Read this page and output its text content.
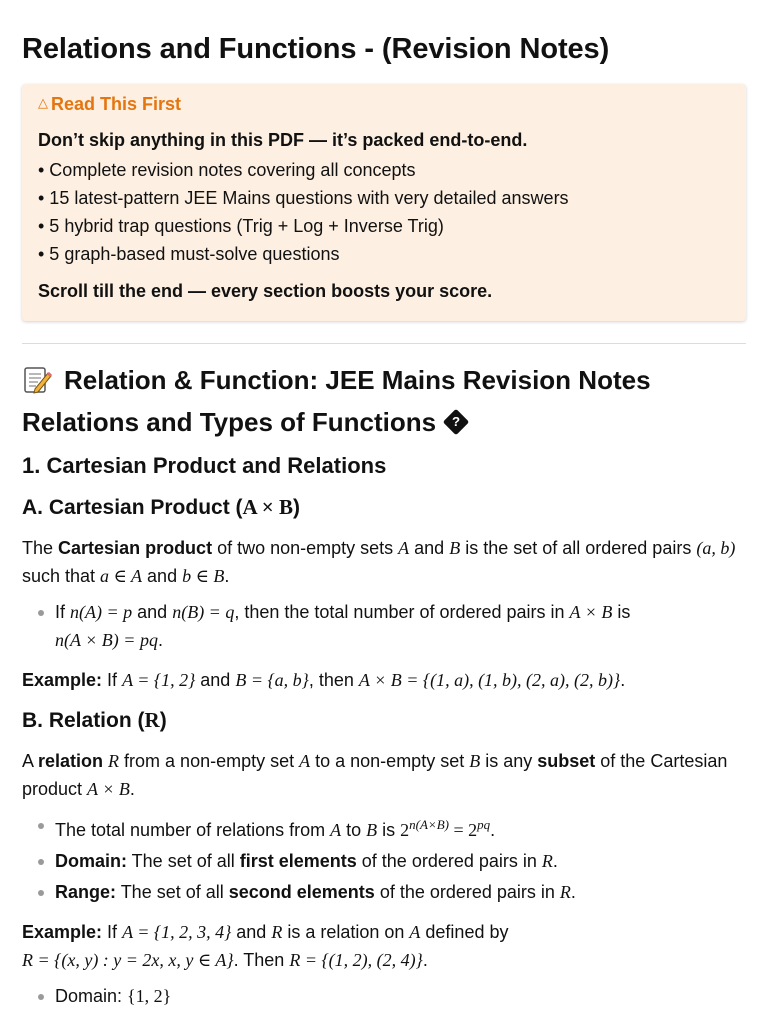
Relations and Functions - (Revision Notes)
△ Read This First
Don’t skip anything in this PDF — it’s packed end-to-end.
• Complete revision notes covering all concepts
• 15 latest-pattern JEE Mains questions with very detailed answers
• 5 hybrid trap questions (Trig + Log + Inverse Trig)
• 5 graph-based must-solve questions
Scroll till the end — every section boosts your score.
Relation & Function: JEE Mains Revision Notes
Relations and Types of Functions ?
1. Cartesian Product and Relations
A. Cartesian Product (A × B)

The Cartesian product of two non-empty sets A and B is the set of all ordered pairs (a, b) such that a ∈ A and b ∈ B.

If n(A) = p and n(B) = q, then the total number of ordered pairs in A × B is
n(A × B) = pq.

Example: If A = {1, 2} and B = {a, b}, then A × B = {(1, a), (1, b), (2, a), (2, b)}.

B. Relation (R)

A relation R from a non-empty set A to a non-empty set B is any subset of the Cartesian product A × B.

The total number of relations from A to B is $2^{n(A\times B)} = 2^{pq}$.
Domain: The set of all first elements of the ordered pairs in R.
Range: The set of all second elements of the ordered pairs in R.

Example: If A = {1, 2, 3, 4} and R is a relation on A defined by
R = {(x, y) : y = 2x, x, y ∈ A}. Then R = {(1, 2), (2, 4)}.

Domain: {1, 2}
